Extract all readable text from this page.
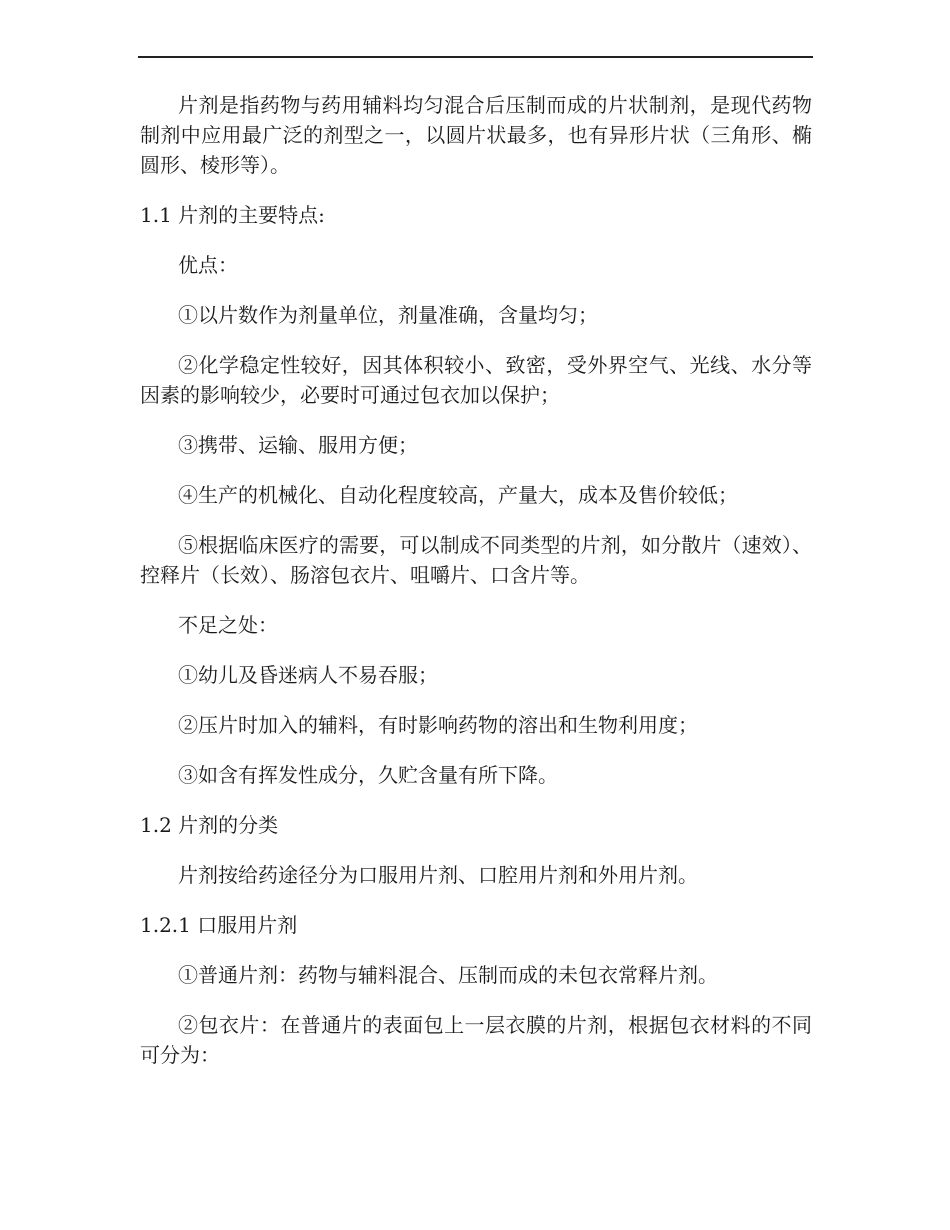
片剂是指药物与药用辅料均匀混合后压制而成的片状制剂，是现代药物制剂中应用最广泛的剂型之一，以圆片状最多，也有异形片状（三角形、椭圆形、棱形等）。

1.1 片剂的主要特点:

优点：

①以片数作为剂量单位，剂量准确，含量均匀；

②化学稳定性较好，因其体积较小、致密，受外界空气、光线、水分等因素的影响较少，必要时可通过包衣加以保护；

③携带、运输、服用方便；

④生产的机械化、自动化程度较高，产量大，成本及售价较低；

⑤根据临床医疗的需要，可以制成不同类型的片剂，如分散片（速效）、控释片（长效）、肠溶包衣片、咀嚼片、口含片等。

不足之处：

①幼儿及昏迷病人不易吞服；

②压片时加入的辅料，有时影响药物的溶出和生物利用度；

③如含有挥发性成分，久贮含量有所下降。

1.2 片剂的分类

片剂按给药途径分为口服用片剂、口腔用片剂和外用片剂。

1.2.1 口服用片剂

①普通片剂：药物与辅料混合、压制而成的未包衣常释片剂。

②包衣片：在普通片的表面包上一层衣膜的片剂，根据包衣材料的不同可分为：
